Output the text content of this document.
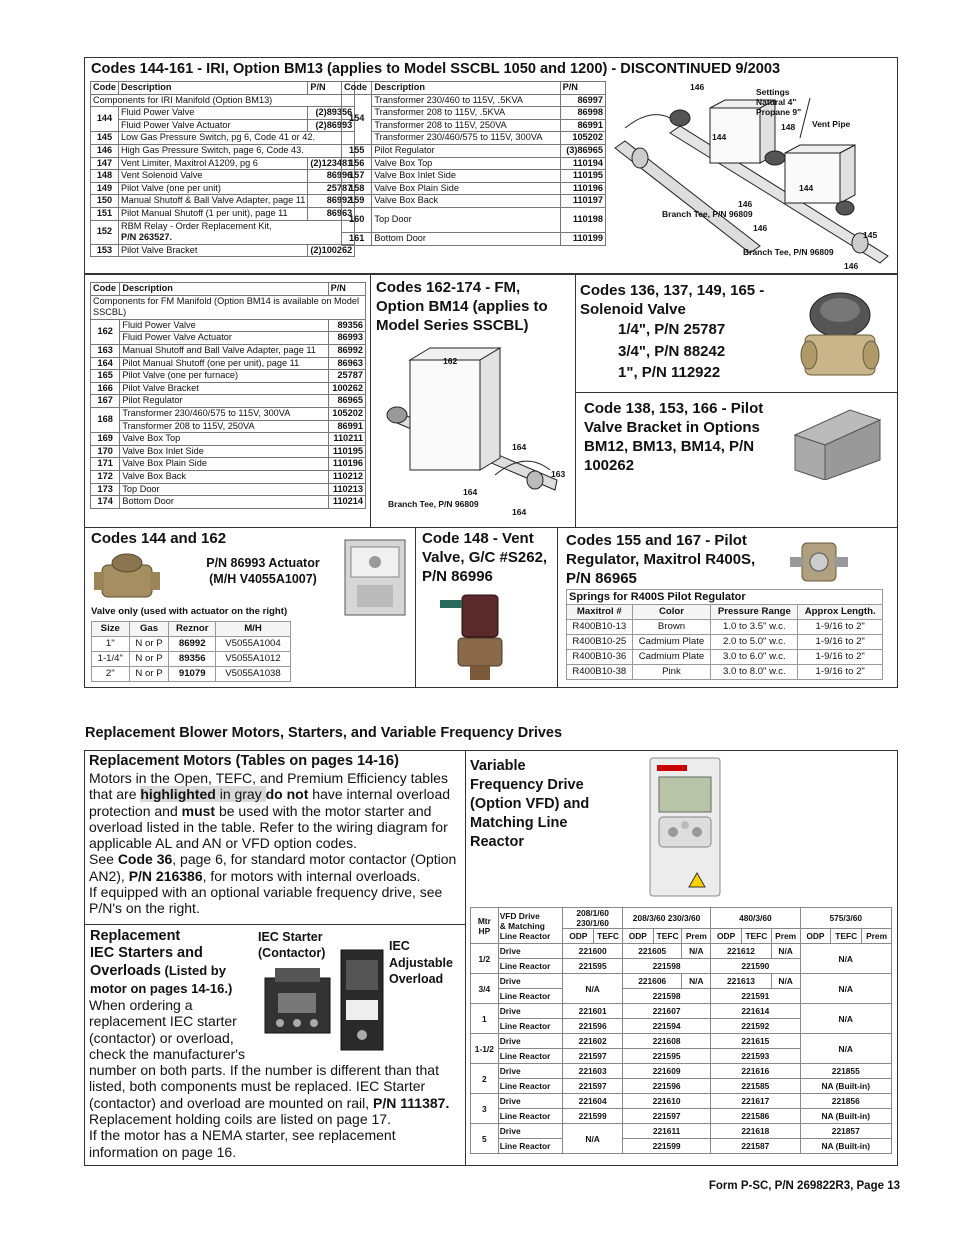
Codes 144-161 - IRI, Option BM13 (applies to Model SSCBL 1050 and 1200) - DISCONTINUED 9/2003
Code	Description	P/N
Components for IRI Manifold (Option BM13)		
144	Fluid Power Valve	(2)89356
	Fluid Power Valve Actuator	(2)86993
145	Low Gas Pressure Switch, pg 6, Code 41 or 42.	
146	High Gas Pressure Switch, page 6, Code 43.	
147	Vent Limiter, Maxitrol A1209, pg 6	(2)123481
148	Vent Solenoid Valve	86996
149	Pilot Valve (one per unit)	25787
150	Manual Shutoff & Ball Valve Adapter, page 11	86992
151	Pilot Manual Shutoff (1 per unit), page 11	86963
152	RBM Relay - Order Replacement Kit,
P/N 263527.	
153	Pilot Valve Bracket	(2)100262
Code	Description	P/N
154	Transformer 230/460 to 115V, .5KVA	86997
	Transformer 208 to 115V, .5KVA	86998
	Transformer 208 to 115V, 250VA	86991
	Transformer 230/460/575 to 115V, 300VA	105202
155	Pilot Regulator	(3)86965
156	Valve Box Top	110194
157	Valve Box Inlet Side	110195
158	Valve Box Plain Side	110196
159	Valve Box Back	110197
160	Top Door	110198
161	Bottom Door	110199
146	Settings
Natural 4"
Propane 9"
148 Vent Pipe
144
144
146
Branch Tee, P/N 96809
146
145
Branch Tee, P/N 96809
146
Code	Description	P/N
Components for FM Manifold (Option BM14 is available on Model SSCBL)		
162	Fluid Power Valve	89356
	Fluid Power Valve Actuator	86993
163	Manual Shutoff and Ball Valve Adapter, page 11	86992
164	Pilot Manual Shutoff (one per unit), page 11	86963
165	Pilot Valve (one per furnace)	25787
166	Pilot Valve Bracket	100262
167	Pilot Regulator	86965
168	Transformer 230/460/575 to 115V, 300VA	105202
	Transformer 208 to 115V, 250VA	86991
169	Valve Box Top	110211
170	Valve Box Inlet Side	110195
171	Valve Box Plain Side	110196
172	Valve Box Back	110212
173	Top Door	110213
174	Bottom Door	110214
Codes 162-174 - FM, Option BM14 (applies to Model Series SSCBL)
162
164
163
164
Branch Tee, P/N 96809
164
Codes 136, 137, 149, 165 - Solenoid Valve
1/4", P/N 25787
3/4", P/N 88242
1", P/N 112922
Code 138, 153, 166 - Pilot Valve Bracket in Options BM12, BM13, BM14, P/N 100262
Codes 144 and 162
P/N 86993 Actuator
(M/H V4055A1007)
Valve only (used with actuator on the right)
Size	Gas	Reznor	M/H
1"	N or P	86992	V5055A1004
1-1/4"	N or P	89356	V5055A1012
2"	N or P	91079	V5055A1038
Code 148 - Vent Valve, G/C #S262, P/N 86996
Codes 155 and 167 - Pilot Regulator, Maxitrol R400S, P/N 86965
Springs for R400S Pilot Regulator			
Maxitrol #	Color	Pressure Range	Approx Length.
R400B10-13	Brown	1.0 to 3.5" w.c.	1-9/16 to 2"
R400B10-25	Cadmium Plate	2.0 to 5.0" w.c.	1-9/16 to 2"
R400B10-36	Cadmium Plate	3.0 to 6.0" w.c.	1-9/16 to 2"
R400B10-38	Pink	3.0 to 8.0" w.c.	1-9/16 to 2"
Replacement Blower Motors, Starters, and Variable Frequency Drives
Replacement Motors (Tables on pages 14-16)
Motors in the Open, TEFC, and Premium Efficiency tables
that are highlighted in gray do not have internal overload
protection and must be used with the motor starter and
overload listed in the table. Refer to the wiring diagram for
applicable AL and AN or VFD option codes.
See Code 36, page 6, for standard motor contactor (Option
AN2), P/N 216386, for motors with internal overloads.
If equipped with an optional variable frequency drive, see
P/N's on the right.
Replacement
IEC Starters and
Overloads (Listed by
motor on pages 14-16.)
IEC Starter
(Contactor)	IEC
Adjustable
Overload
When ordering a
replacement IEC starter
(contactor) or overload,
check the manufacturer's
number on both parts. If the number is different than that
listed, both components must be replaced. IEC Starter
(contactor) and overload are mounted on rail, P/N 111387.
Replacement holding coils are listed on page 17.
If the motor has a NEMA starter, see replacement
information on page 16.
Variable
Frequency Drive
(Option VFD) and
Matching Line
Reactor
Mtr HP	VFD Drive
& Matching
Line Reactor	208/1/60 230/1/60		208/3/60 230/3/60			480/3/60			575/3/60		
		ODP	TEFC	ODP	TEFC	Prem	ODP	TEFC	Prem	ODP	TEFC	Prem
1/2	Drive	221600		221605		N/A	221612		N/A	N/A		
	Line Reactor	221595		221598			221590					
3/4	Drive	N/A		221606		N/A	221613		N/A	N/A		
	Line Reactor			221598			221591					
1	Drive	221601		221607			221614			N/A		
	Line Reactor	221596		221594			221592					
1-1/2	Drive	221602		221608			221615			N/A		
	Line Reactor	221597		221595			221593					
2	Drive	221603		221609			221616			221855		
	Line Reactor	221597		221596			221585			NA (Built-in)		
3	Drive	221604		221610			221617			221856		
	Line Reactor	221599		221597			221586			NA (Built-in)		
5	Drive	N/A		221611			221618			221857		
	Line Reactor			221599			221587			NA (Built-in)		
Form P-SC, P/N 269822R3, Page 13
